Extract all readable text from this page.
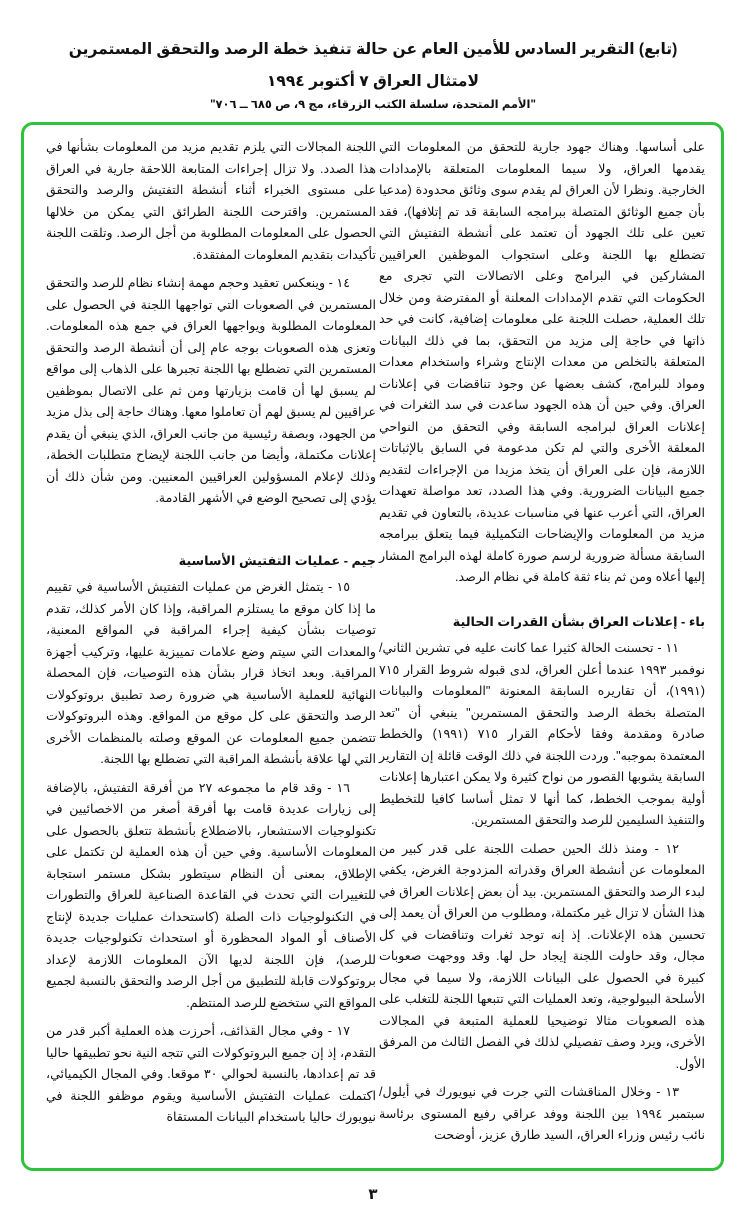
(تابع) التقرير السادس للأمين العام عن حالة تنفيذ خطة الرصد والتحقق المستمرين
لامتثال العراق ٧ أكتوبر ١٩٩٤
"الأمم المتحدة، سلسلة الكتب الزرقاء، مج ٩، ص ٦٨٥ ــ ٧٠٦"

على أساسها. وهناك جهود جارية للتحقق من المعلومات التي يقدمها العراق، ولا سيما المعلومات المتعلقة بالإمدادات الخارجية. ونظرا لأن العراق لم يقدم سوى وثائق محدودة (مدعيا بأن جميع الوثائق المتصلة ببرامجه السابقة قد تم إتلافها)، فقد تعين على تلك الجهود أن تعتمد على أنشطة التفتيش التي تضطلع بها اللجنة وعلى استجواب الموظفين العراقيين المشاركين في البرامج وعلى الاتصالات التي تجرى مع الحكومات التي تقدم الإمدادات المعلنة أو المفترضة ومن خلال تلك العملية، حصلت اللجنة على معلومات إضافية، كانت في حد ذاتها في حاجة إلى مزيد من التحقق، بما في ذلك البيانات المتعلقة بالتخلص من معدات الإنتاج وشراء واستخدام معدات ومواد للبرامج، كشف بعضها عن وجود تناقضات في إعلانات العراق. وفي حين أن هذه الجهود ساعدت في سد الثغرات في إعلانات العراق لبرامجه السابقة وفي التحقق من النواحي المعلقة الأخرى والتي لم تكن مدعومة في السابق بالإثباتات اللازمة، فإن على العراق أن يتخذ مزيدا من الإجراءات لتقديم جميع البيانات الضرورية. وفي هذا الصدد، تعد مواصلة تعهدات العراق، التي أعرب عنها في مناسبات عديدة، بالتعاون في تقديم مزيد من المعلومات والإيضاحات التكميلية فيما يتعلق ببرامجه السابقة مسألة ضرورية لرسم صورة كاملة لهذه البرامج المشار إليها أعلاه ومن ثم بناء ثقة كاملة في نظام الرصد.

باء - إعلانات العراق بشأن القدرات الحالية

١١ - تحسنت الحالة كثيرا عما كانت عليه في تشرين الثاني/ نوفمبر ١٩٩٣ عندما أعلن العراق، لدى قبوله شروط القرار ٧١٥ (١٩٩١)، أن تقاريره السابقة المعنونة "المعلومات والبيانات المتصلة بخطة الرصد والتحقق المستمرين" ينبغي أن "تعد صادرة ومقدمة وفقا لأحكام القرار ٧١٥ (١٩٩١) والخطط المعتمدة بموجبه". وردت اللجنة في ذلك الوقت قائلة إن التقارير السابقة يشوبها القصور من نواح كثيرة ولا يمكن اعتبارها إعلانات أولية بموجب الخطط، كما أنها لا تمثل أساسا كافيا للتخطيط والتنفيذ السليمين للرصد والتحقق المستمرين.

١٢ - ومنذ ذلك الحين حصلت اللجنة على قدر كبير من المعلومات عن أنشطة العراق وقدراته المزدوجة الغرض، يكفي لبدء الرصد والتحقق المستمرين. بيد أن بعض إعلانات العراق في هذا الشأن لا تزال غير مكتملة، ومطلوب من العراق أن يعمد إلى تحسين هذه الإعلانات. إذ إنه توجد ثغرات وتناقضات في كل مجال، وقد حاولت اللجنة إيجاد حل لها. وقد ووجهت صعوبات كبيرة في الحصول على البيانات اللازمة، ولا سيما في مجال الأسلحة البيولوجية، وتعد العمليات التي تتبعها اللجنة للتغلب على هذه الصعوبات مثالا توضيحيا للعملية المتبعة في المجالات الأخرى، ويرد وصف تفصيلي لذلك في الفصل الثالث من المرفق الأول.

١٣ - وخلال المناقشات التي جرت في نيويورك في أيلول/ سبتمبر ١٩٩٤ بين اللجنة ووفد عراقي رفيع المستوى برئاسة نائب رئيس وزراء العراق، السيد طارق عزيز، أوضحت

اللجنة المجالات التي يلزم تقديم مزيد من المعلومات بشأنها في هذا الصدد. ولا تزال إجراءات المتابعة اللاحقة جارية في العراق على مستوى الخبراء أثناء أنشطة التفتيش والرصد والتحقق المستمرين. واقترحت اللجنة الطرائق التي يمكن من خلالها الحصول على المعلومات المطلوبة من أجل الرصد. وتلقت اللجنة تأكيدات بتقديم المعلومات المفتقدة.

١٤ - وينعكس تعقيد وحجم مهمة إنشاء نظام للرصد والتحقق المستمرين في الصعوبات التي تواجهها اللجنة في الحصول على المعلومات المطلوبة ويواجهها العراق في جمع هذه المعلومات. وتعزى هذه الصعوبات بوجه عام إلى أن أنشطة الرصد والتحقق المستمرين التي تضطلع بها اللجنة تجبرها على الذهاب إلى مواقع لم يسبق لها أن قامت بزيارتها ومن ثم على الاتصال بموظفين عراقيين لم يسبق لهم أن تعاملوا معها. وهناك حاجة إلى بذل مزيد من الجهود، وبصفة رئيسية من جانب العراق، الذي ينبغي أن يقدم إعلانات مكتملة، وأيضا من جانب اللجنة لإيضاح متطلبات الخطة، وذلك لإعلام المسؤولين العراقيين المعنيين. ومن شأن ذلك أن يؤدي إلى تصحيح الوضع في الأشهر القادمة.

جيم - عمليات التفتيش الأساسية

١٥ - يتمثل الغرض من عمليات التفتيش الأساسية في تقييم ما إذا كان موقع ما يستلزم المراقبة، وإذا كان الأمر كذلك، تقدم توصيات بشأن كيفية إجراء المراقبة في المواقع المعنية، والمعدات التي سيتم وضع علامات تمييزية عليها، وتركيب أجهزة المراقبة. وبعد اتخاذ قرار بشأن هذه التوصيات، فإن المحصلة النهائية للعملية الأساسية هي ضرورة رصد تطبيق بروتوكولات الرصد والتحقق على كل موقع من المواقع. وهذه البروتوكولات تتضمن جميع المعلومات عن الموقع وصلته بالمنظمات الأخرى التي لها علاقة بأنشطة المراقبة التي تضطلع بها اللجنة.

١٦ - وقد قام ما مجموعه ٢٧ من أفرقة التفتيش، بالإضافة إلى زيارات عديدة قامت بها أفرقة أصغر من الاخصائيين في تكنولوجيات الاستشعار، بالاضطلاع بأنشطة تتعلق بالحصول على المعلومات الأساسية. وفي حين أن هذه العملية لن تكتمل على الإطلاق، بمعنى أن النظام سيتطور بشكل مستمر استجابة للتغييرات التي تحدث في القاعدة الصناعية للعراق والتطورات في التكنولوجيات ذات الصلة (كاستحداث عمليات جديدة لإنتاج الأصناف أو المواد المحظورة أو استحداث تكنولوجيات جديدة للرصد)، فإن اللجنة لديها الآن المعلومات اللازمة لإعداد بروتوكولات قابلة للتطبيق من أجل الرصد والتحقق بالنسبة لجميع المواقع التي ستخضع للرصد المنتظم.

١٧ - وفي مجال القذائف، أحرزت هذه العملية أكبر قدر من التقدم، إذ إن جميع البروتوكولات التي تتجه النية نحو تطبيقها حاليا قد تم إعدادها، بالنسبة لحوالي ٣٠ موقعا. وفي المجال الكيميائي، اكتملت عمليات التفتيش الأساسية ويقوم موظفو اللجنة في نيويورك حاليا باستخدام البيانات المستقاة

٣
